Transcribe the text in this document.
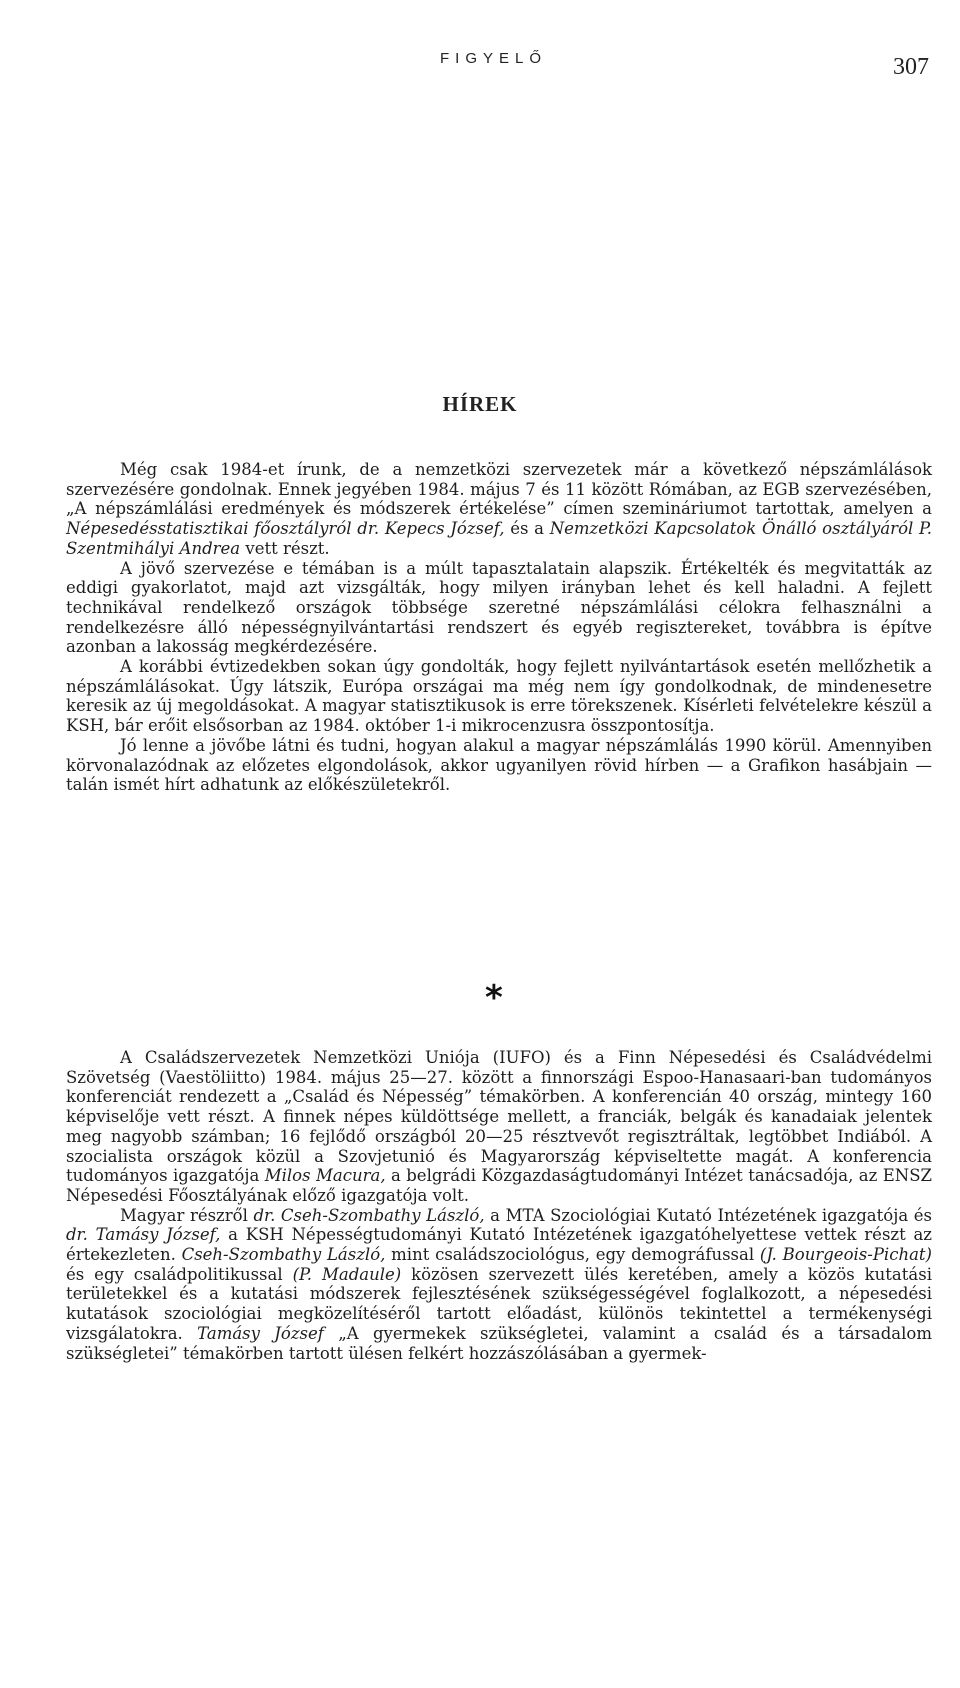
FIGYELŐ	307
HÍREK

Még csak 1984-et írunk, de a nemzetközi szervezetek már a következő népszámlálások szervezésére gondolnak. Ennek jegyében 1984. május 7 és 11 között Rómában, az EGB szervezésében, „A népszámlálási eredmények és módszerek értékelése” címen szemináriumot tartottak, amelyen a Népesedésstatisztikai főosztályról dr. Kepecs József, és a Nemzetközi Kapcsolatok Önálló osztályáról P. Szentmihályi Andrea vett részt.

A jövő szervezése e témában is a múlt tapasztalatain alapszik. Értékelték és megvitatták az eddigi gyakorlatot, majd azt vizsgálták, hogy milyen irányban lehet és kell haladni. A fejlett technikával rendelkező országok többsége szeretné népszámlálási célokra felhasználni a rendelkezésre álló népességnyilvántartási rendszert és egyéb regisztereket, továbbra is építve azonban a lakosság megkérdezésére.

A korábbi évtizedekben sokan úgy gondolták, hogy fejlett nyilvántartások esetén mellőzhetik a népszámlálásokat. Úgy látszik, Európa országai ma még nem így gondolkodnak, de mindenesetre keresik az új megoldásokat. A magyar statisztikusok is erre törekszenek. Kísérleti felvételekre készül a KSH, bár erőit elsősorban az 1984. október 1-i mikrocenzusra összpontosítja.

Jó lenne a jövőbe látni és tudni, hogyan alakul a magyar népszámlálás 1990 körül. Amennyiben körvonalazódnak az előzetes elgondolások, akkor ugyanilyen rövid hírben — a Grafikon hasábjain — talán ismét hírt adhatunk az előkészületekről.

*

A Családszervezetek Nemzetközi Uniója (IUFO) és a Finn Népesedési és Családvédelmi Szövetség (Vaestöliitto) 1984. május 25—27. között a finnországi Espoo-Hanasaari-ban tudományos konferenciát rendezett a „Család és Népesség” témakörben. A konferencián 40 ország, mintegy 160 képviselője vett részt. A finnek népes küldöttsége mellett, a franciák, belgák és kanadaiak jelentek meg nagyobb számban; 16 fejlődő országból 20—25 résztvevőt regisztráltak, legtöbbet Indiából. A szocialista országok közül a Szovjetunió és Magyarország képviseltette magát. A konferencia tudományos igazgatója Milos Macura, a belgrádi Közgazdaságtudományi Intézet tanácsadója, az ENSZ Népesedési Főosztályának előző igazgatója volt.

Magyar részről dr. Cseh-Szombathy László, a MTA Szociológiai Kutató Intézetének igazgatója és dr. Tamásy József, a KSH Népességtudományi Kutató Intézetének igazgatóhelyettese vettek részt az értekezleten. Cseh-Szombathy László, mint családszociológus, egy demográfussal (J. Bourgeois-Pichat) és egy családpolitikussal (P. Madaule) közösen szervezett ülés keretében, amely a közös kutatási területekkel és a kutatási módszerek fejlesztésének szükségességével foglalkozott, a népesedési kutatások szociológiai megközelítéséről tartott előadást, különös tekintettel a termékenységi vizsgálatokra. Tamásy József „A gyermekek szükségletei, valamint a család és a társadalom szükségletei” témakörben tartott ülésen felkért hozzászólásában a gyermek-
